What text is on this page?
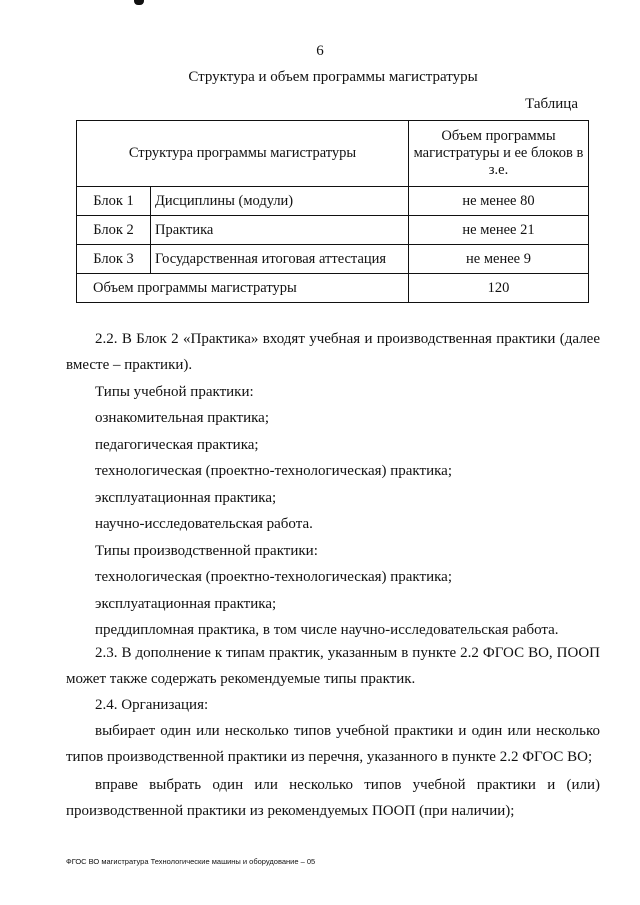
6
Структура и объем программы магистратуры
Таблица
Структура программы магистратуры		Объем программы магистратуры и ее блоков в з.е.
Блок 1	Дисциплины (модули)	не менее 80
Блок 2	Практика	не менее 21
Блок 3	Государственная итоговая аттестация	не менее 9
Объем программы магистратуры		120

2.2. В Блок 2 «Практика» входят учебная и производственная практики (далее вместе – практики).

Типы учебной практики:

ознакомительная практика;

педагогическая практика;

технологическая (проектно-технологическая) практика;

эксплуатационная практика;

научно-исследовательская работа.

Типы производственной практики:

технологическая (проектно-технологическая) практика;

эксплуатационная практика;

преддипломная практика, в том числе научно-исследовательская работа.

2.3. В дополнение к типам практик, указанным в пункте 2.2 ФГОС ВО, ПООП может также содержать рекомендуемые типы практик.

2.4. Организация:

выбирает один или несколько типов учебной практики и один или несколько типов производственной практики из перечня, указанного в пункте 2.2 ФГОС ВО;

вправе выбрать один или несколько типов учебной практики и (или) производственной практики из рекомендуемых ПООП (при наличии);

ФГОС ВО магистратура Технологические машины и оборудование – 05
